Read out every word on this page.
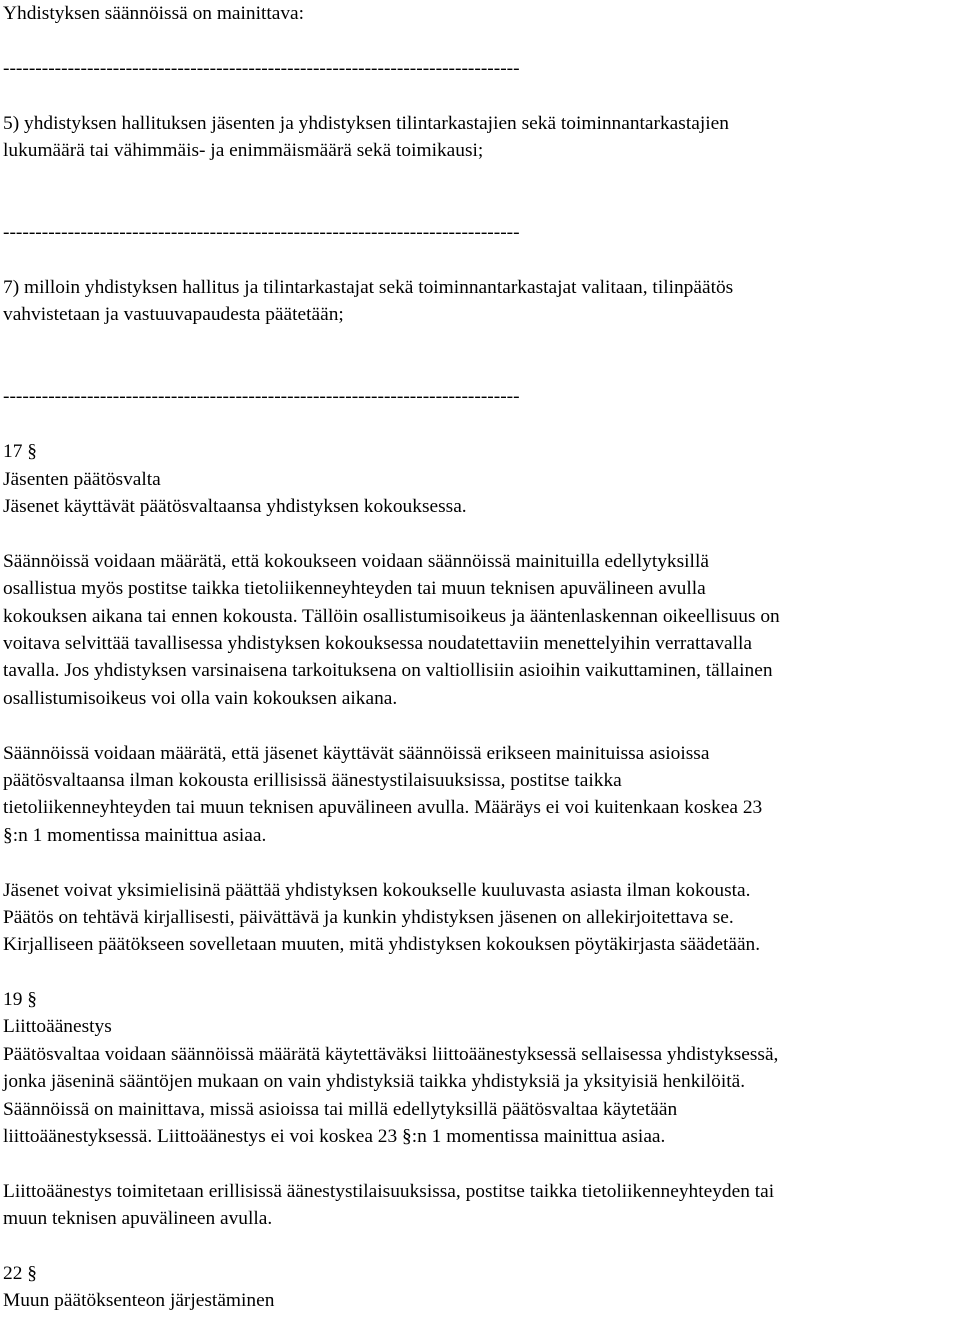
Yhdistyksen säännöissä on mainittava:
--------------------------------------------------------------------------------
5) yhdistyksen hallituksen jäsenten ja yhdistyksen tilintarkastajien sekä toiminnantarkastajien
lukumäärä tai vähimmäis- ja enimmäismäärä sekä toimikausi;
--------------------------------------------------------------------------------
7) milloin yhdistyksen hallitus ja tilintarkastajat sekä toiminnantarkastajat valitaan, tilinpäätös
vahvistetaan ja vastuuvapaudesta päätetään;
--------------------------------------------------------------------------------
17 §
Jäsenten päätösvalta
Jäsenet käyttävät päätösvaltaansa yhdistyksen kokouksessa.
Säännöissä voidaan määrätä, että kokoukseen voidaan säännöissä mainituilla edellytyksillä
osallistua myös postitse taikka tietoliikenneyhteyden tai muun teknisen apuvälineen avulla
kokouksen aikana tai ennen kokousta. Tällöin osallistumisoikeus ja ääntenlaskennan oikeellisuus on
voitava selvittää tavallisessa yhdistyksen kokouksessa noudatettaviin menettelyihin verrattavalla
tavalla. Jos yhdistyksen varsinaisena tarkoituksena on valtiollisiin asioihin vaikuttaminen, tällainen
osallistumisoikeus voi olla vain kokouksen aikana.
Säännöissä voidaan määrätä, että jäsenet käyttävät säännöissä erikseen mainituissa asioissa
päätösvaltaansa ilman kokousta erillisissä äänestystilaisuuksissa, postitse taikka
tietoliikenneyhteyden tai muun teknisen apuvälineen avulla. Määräys ei voi kuitenkaan koskea 23
§:n 1 momentissa mainittua asiaa.
Jäsenet voivat yksimielisinä päättää yhdistyksen kokoukselle kuuluvasta asiasta ilman kokousta.
Päätös on tehtävä kirjallisesti, päivättävä ja kunkin yhdistyksen jäsenen on allekirjoitettava se.
Kirjalliseen päätökseen sovelletaan muuten, mitä yhdistyksen kokouksen pöytäkirjasta säädetään.
19 §
Liittoäänestys
Päätösvaltaa voidaan säännöissä määrätä käytettäväksi liittoäänestyksessä sellaisessa yhdistyksessä,
jonka jäseninä sääntöjen mukaan on vain yhdistyksiä taikka yhdistyksiä ja yksityisiä henkilöitä.
Säännöissä on mainittava, missä asioissa tai millä edellytyksillä päätösvaltaa käytetään
liittoäänestyksessä. Liittoäänestys ei voi koskea 23 §:n 1 momentissa mainittua asiaa.
Liittoäänestys toimitetaan erillisissä äänestystilaisuuksissa, postitse taikka tietoliikenneyhteyden tai
muun teknisen apuvälineen avulla.
22 §
Muun päätöksenteon järjestäminen
